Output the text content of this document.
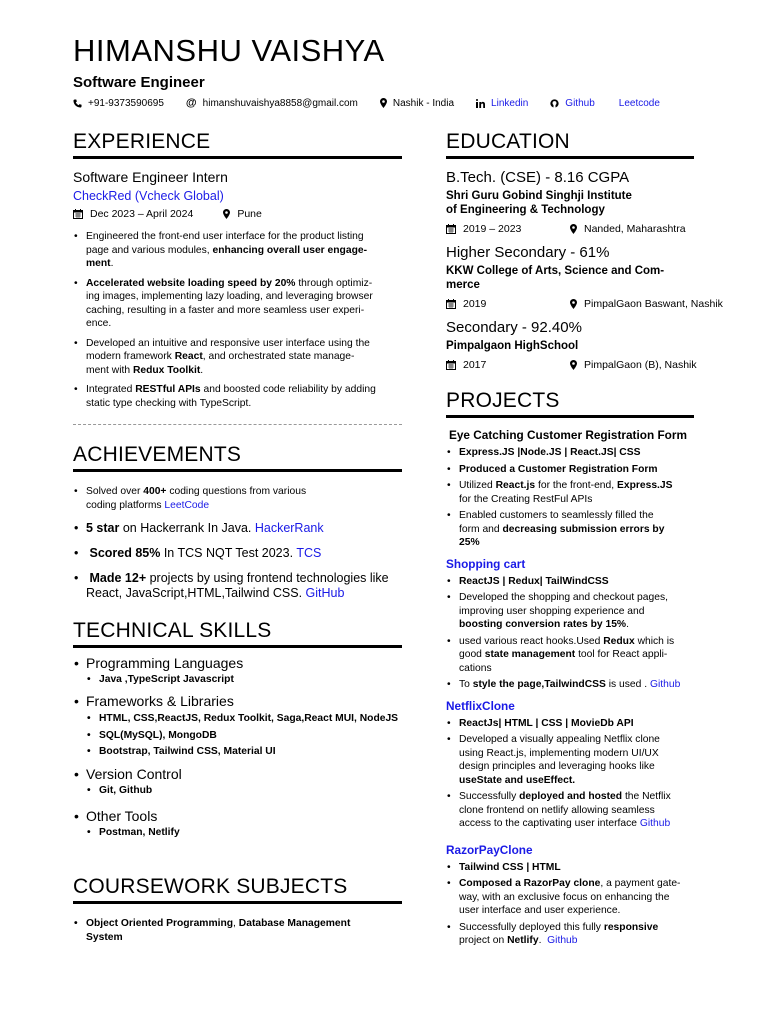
HIMANSHU VAISHYA
Software Engineer
+91-9373590695 @ himanshuvaishya8858@gmail.com	Nashik - India	Linkedin	Github Leetcode
EXPERIENCE
Software Engineer Intern
CheckRed (Vcheck Global)
Dec 2023 – April 2024	Pune
• Engineered the front-end user interface for the product listing
page and various modules, enhancing overall user engage-
ment.
• Accelerated website loading speed by 20% through optimiz-
ing images, implementing lazy loading, and leveraging browser
caching, resulting in a faster and more seamless user experi-
ence.
• Developed an intuitive and responsive user interface using the
modern framework React, and orchestrated state manage-
ment with Redux Toolkit.
• Integrated RESTful APIs and boosted code reliability by adding
static type checking with TypeScript.
ACHIEVEMENTS
• Solved over 400+ coding questions from various
coding platforms LeetCode
• 5 star on Hackerrank In Java. HackerRank
• Scored 85% In TCS NQT Test 2023. TCS
• Made 12+ projects by using frontend technologies like
React, JavaScript,HTML,Tailwind CSS. GitHub
TECHNICAL SKILLS
• Programming Languages
• Java ,TypeScript Javascript
• Frameworks & Libraries
• HTML, CSS,ReactJS, Redux Toolkit, Saga,React MUI, NodeJS
• SQL(MySQL), MongoDB
• Bootstrap, Tailwind CSS, Material UI
• Version Control
• Git, Github
• Other Tools
• Postman, Netlify
COURSEWORK SUBJECTS
• Object Oriented Programming, Database Management
System
EDUCATION
B.Tech. (CSE) - 8.16 CGPA
Shri Guru Gobind Singhji Institute
of Engineering & Technology
2019 – 2023	Nanded, Maharashtra
Higher Secondary - 61%
KKW College of Arts, Science and Com-
merce
2019	PimpalGaon Baswant, Nashik
Secondary - 92.40%
Pimpalgaon HighSchool
2017	PimpalGaon (B), Nashik
PROJECTS
Eye Catching Customer Registration Form
• Express.JS |Node.JS | React.JS| CSS
• Produced a Customer Registration Form
• Utilized React.js for the front-end, Express.JS
for the Creating RestFul APIs
• Enabled customers to seamlessly filled the
form and decreasing submission errors by
25%
Shopping cart
• ReactJS | Redux| TailWindCSS
• Developed the shopping and checkout pages,
improving user shopping experience and
boosting conversion rates by 15%.
• used various react hooks.Used Redux which is
good state management tool for React appli-
cations
• To style the page,TailwindCSS is used . Github
NetflixClone
• ReactJs| HTML | CSS | MovieDb API
• Developed a visually appealing Netflix clone
using React.js, implementing modern UI/UX
design principles and leveraging hooks like
useState and useEffect.
• Successfully deployed and hosted the Netflix
clone frontend on netlify allowing seamless
access to the captivating user interface Github
RazorPayClone
• Tailwind CSS | HTML
• Composed a RazorPay clone, a payment gate-
way, with an exclusive focus on enhancing the
user interface and user experience.
• Successfully deployed this fully responsive
project on Netlify.  Github
